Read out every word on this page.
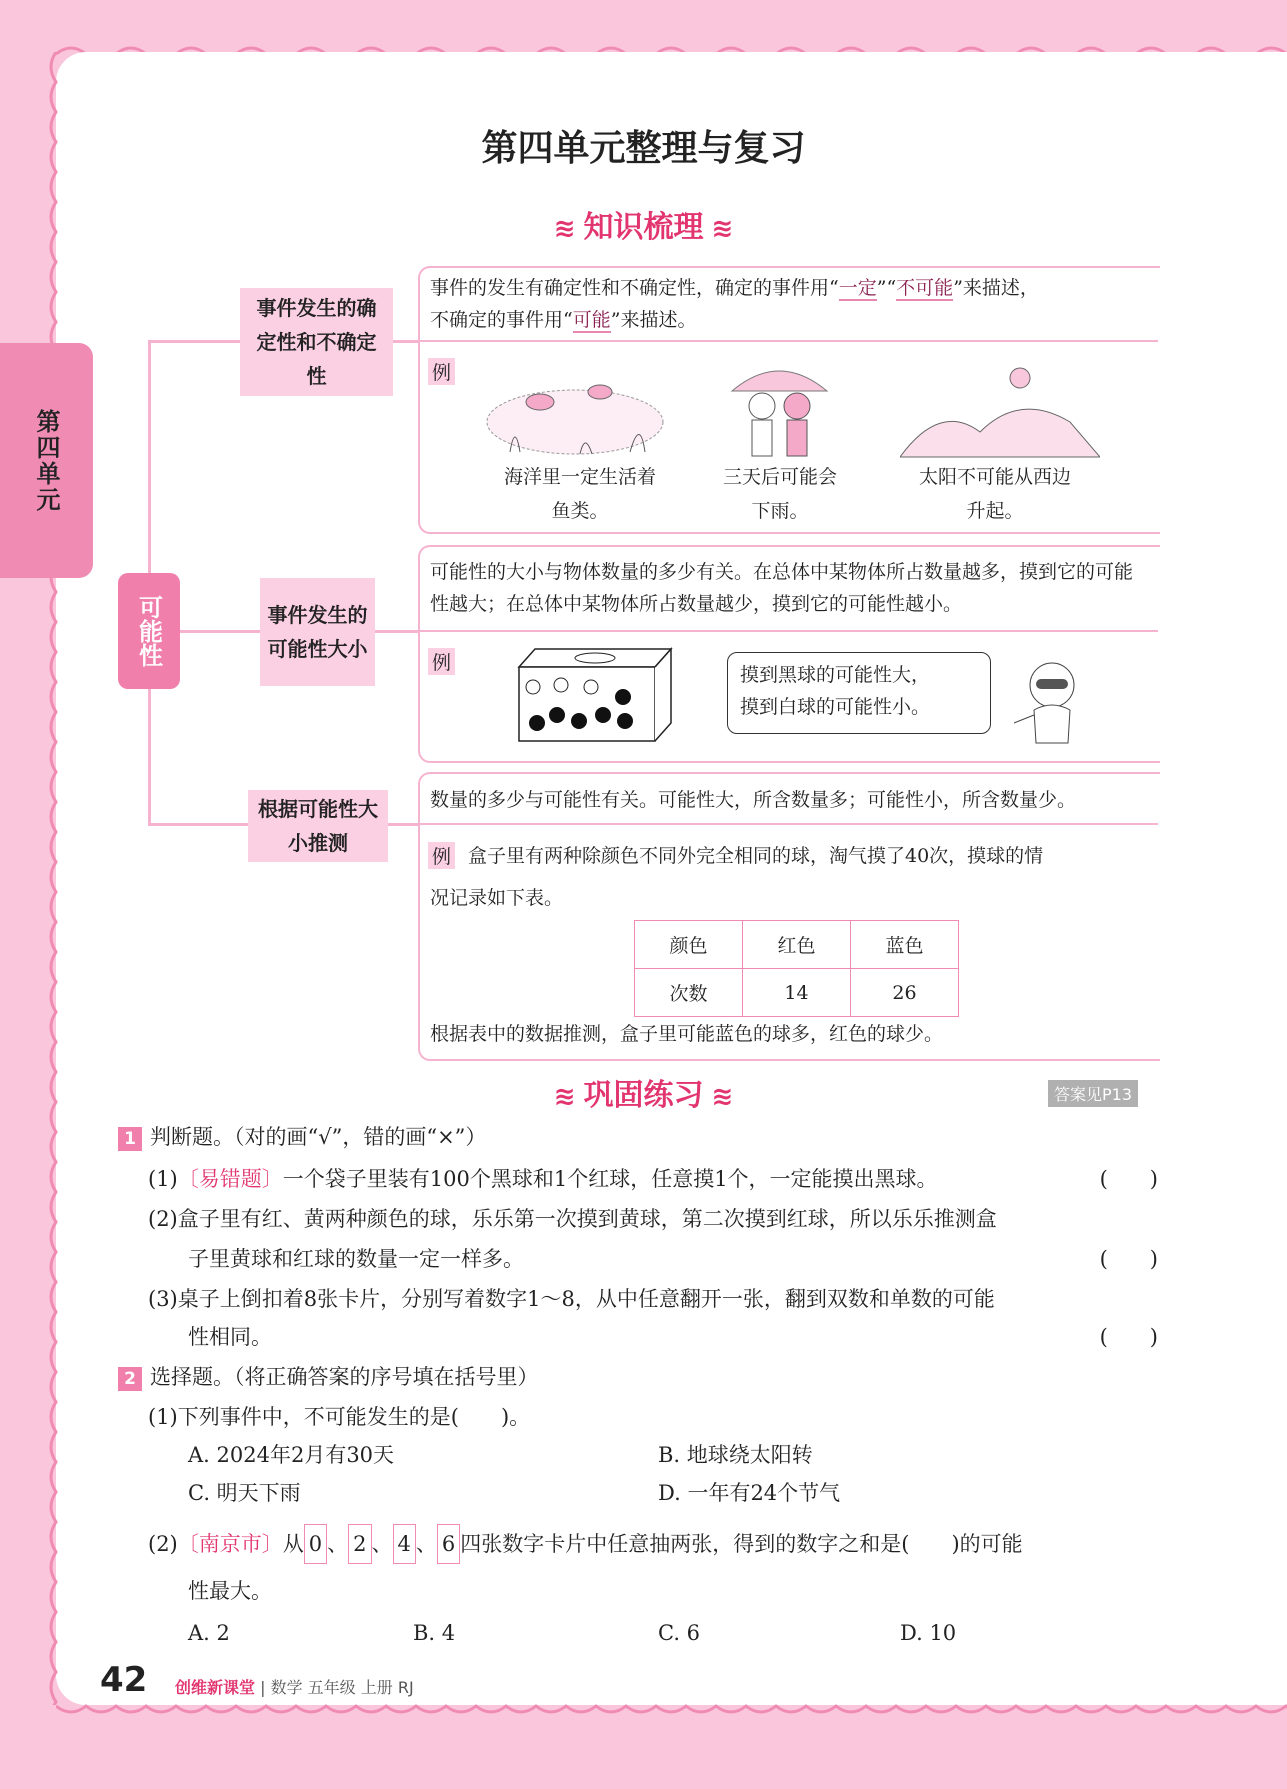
第四单元
第四单元整理与复习
≋ 知识梳理 ≋
可能性
事件发生的确定性和不确定性
事件发生的可能性大小
根据可能性大小推测
事件的发生有确定性和不确定性，确定的事件用“一定”“不可能”来描述，
不确定的事件用“可能”来描述。
例
海洋里一定生活着鱼类。
三天后可能会下雨。
太阳不可能从西边升起。
可能性的大小与物体数量的多少有关。在总体中某物体所占数量越多，摸到它的可能性越大；在总体中某物体所占数量越少，摸到它的可能性越小。
例
摸到黑球的可能性大，
摸到白球的可能性小。
数量的多少与可能性有关。可能性大，所含数量多；可能性小，所含数量少。
例 盒子里有两种除颜色不同外完全相同的球，淘气摸了40次，摸球的情
况记录如下表。
颜色	红色	蓝色
次数	14	26
根据表中的数据推测，盒子里可能蓝色的球多，红色的球少。
≋ 巩固练习 ≋	答案见P13
1 判断题。（对的画“√”，错的画“×”）
(1)〔易错题〕一个袋子里装有100个黑球和1个红球，任意摸1个，一定能摸出黑球。	(　　)
(2)盒子里有红、黄两种颜色的球，乐乐第一次摸到黄球，第二次摸到红球，所以乐乐推测盒
子里黄球和红球的数量一定一样多。	(　　)
(3)桌子上倒扣着8张卡片，分别写着数字1～8，从中任意翻开一张，翻到双数和单数的可能
性相同。	(　　)
2 选择题。（将正确答案的序号填在括号里）
(1)下列事件中，不可能发生的是(　　)。
A. 2024年2月有30天	B. 地球绕太阳转
C. 明天下雨	D. 一年有24个节气
(2)〔南京市〕从 0 、 2 、 4 、 6 四张数字卡片中任意抽两张，得到的数字之和是(　　)的可能
性最大。
A. 2	B. 4	C. 6	D. 10
42 创维新课堂 | 数学 五年级 上册 RJ
